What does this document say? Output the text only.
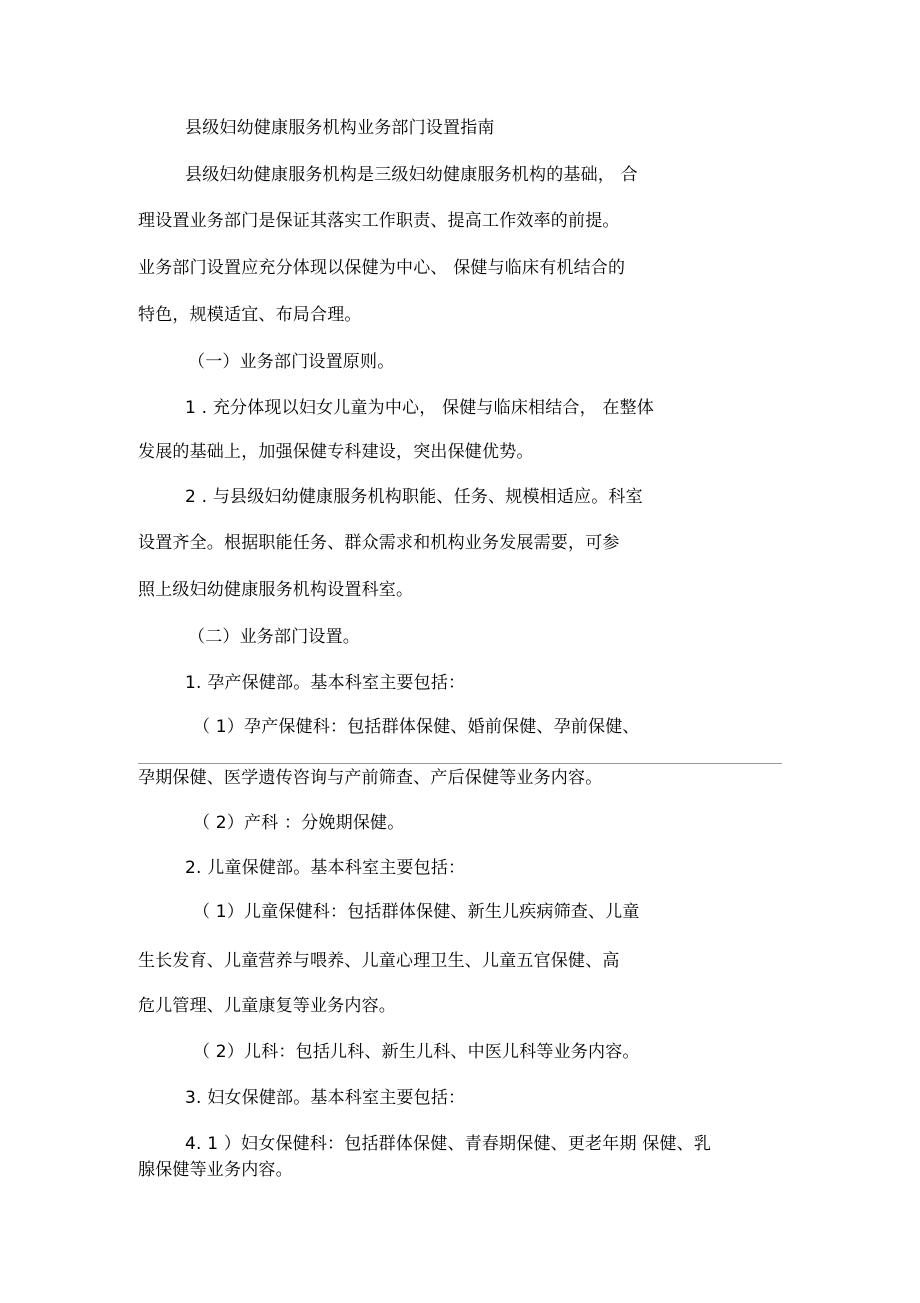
县级妇幼健康服务机构业务部门设置指南
县级妇幼健康服务机构是三级妇幼健康服务机构的基础， 合
理设置业务部门是保证其落实工作职责、提高工作效率的前提。
业务部门设置应充分体现以保健为中心、 保健与临床有机结合的
特色，规模适宜、布局合理。
（一）业务部门设置原则。
1 . 充分体现以妇女儿童为中心， 保健与临床相结合， 在整体
发展的基础上，加强保健专科建设，突出保健优势。
2 . 与县级妇幼健康服务机构职能、任务、规模相适应。科室
设置齐全。根据职能任务、群众需求和机构业务发展需要，可参
照上级妇幼健康服务机构设置科室。
（二）业务部门设置。
1. 孕产保健部。基本科室主要包括：
（ 1）孕产保健科：包括群体保健、婚前保健、孕前保健、
孕期保健、医学遗传咨询与产前筛查、产后保健等业务内容。
（ 2）产科 ：分娩期保健。
2. 儿童保健部。基本科室主要包括：
（ 1）儿童保健科：包括群体保健、新生儿疾病筛查、儿童
生长发育、儿童营养与喂养、儿童心理卫生、儿童五官保健、高
危儿管理、儿童康复等业务内容。
（ 2）儿科：包括儿科、新生儿科、中医儿科等业务内容。
3. 妇女保健部。基本科室主要包括：
4. 1 ）妇女保健科：包括群体保健、青春期保健、更老年期 保健、乳
腺保健等业务内容。
